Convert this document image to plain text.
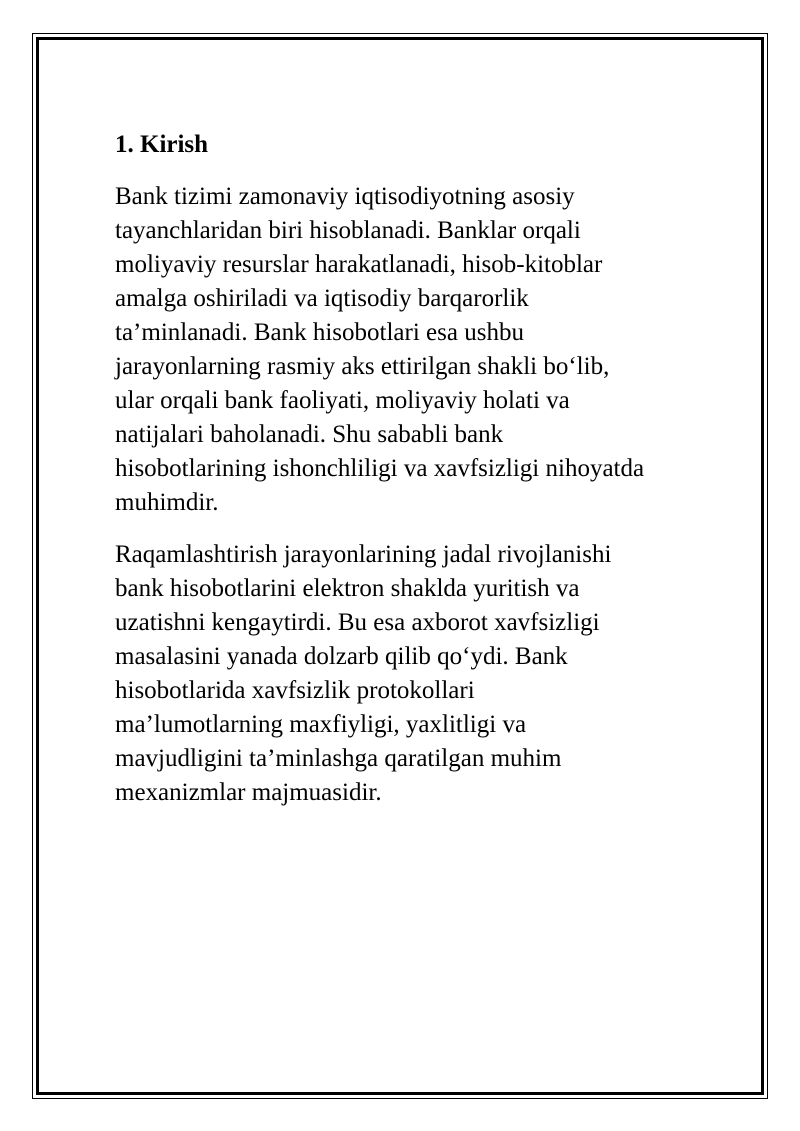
1. Kirish

Bank tizimi zamonaviy iqtisodiyotning asosiy
tayanchlaridan biri hisoblanadi. Banklar orqali
moliyaviy resurslar harakatlanadi, hisob-kitoblar
amalga oshiriladi va iqtisodiy barqarorlik
ta’minlanadi. Bank hisobotlari esa ushbu
jarayonlarning rasmiy aks ettirilgan shakli bo‘lib,
ular orqali bank faoliyati, moliyaviy holati va
natijalari baholanadi. Shu sababli bank
hisobotlarining ishonchliligi va xavfsizligi nihoyatda
muhimdir.

Raqamlashtirish jarayonlarining jadal rivojlanishi
bank hisobotlarini elektron shaklda yuritish va
uzatishni kengaytirdi. Bu esa axborot xavfsizligi
masalasini yanada dolzarb qilib qo‘ydi. Bank
hisobotlarida xavfsizlik protokollari
ma’lumotlarning maxfiyligi, yaxlitligi va
mavjudligini ta’minlashga qaratilgan muhim
mexanizmlar majmuasidir.
